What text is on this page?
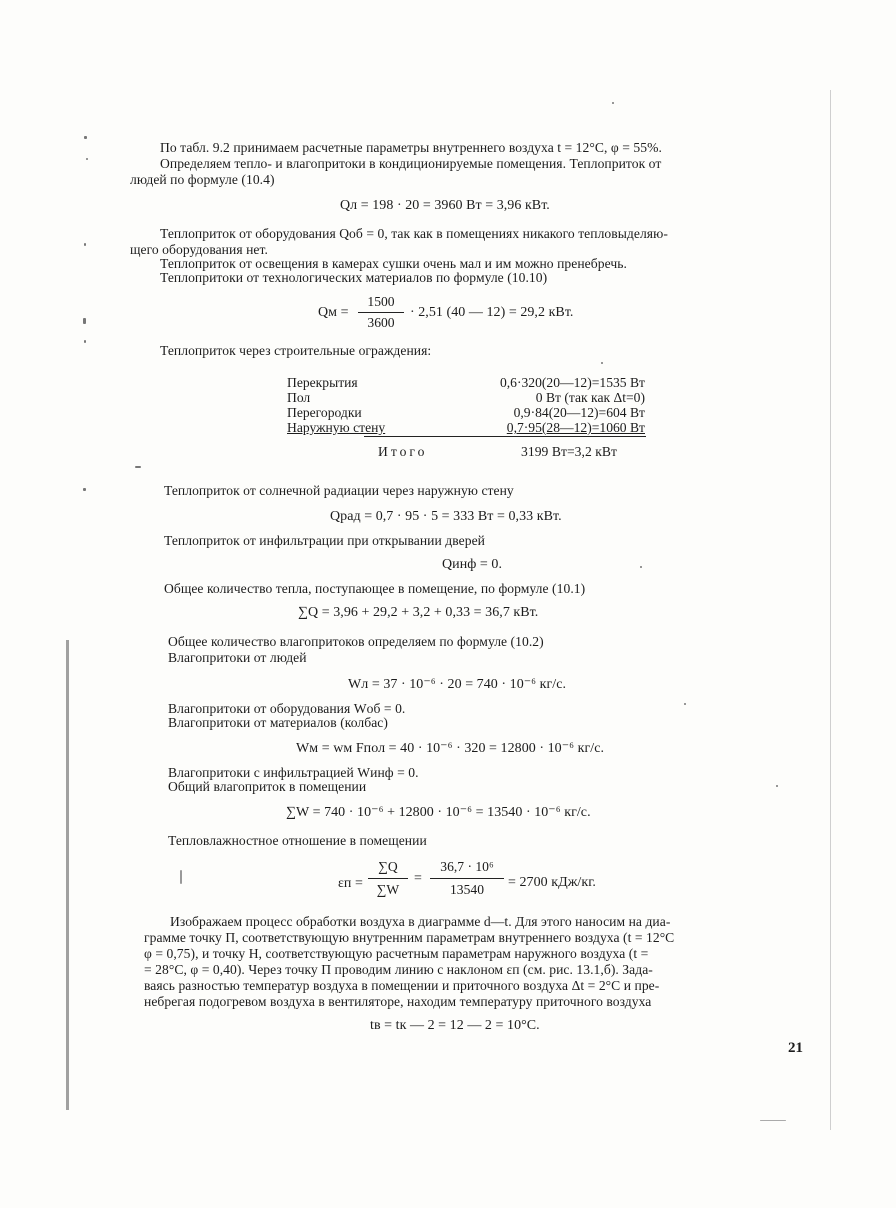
По табл. 9.2 принимаем расчетные параметры внутреннего воздуха t = 12°C, φ = 55%.
Определяем тепло- и влагопритоки в кондиционируемые помещения. Теплоприток от
людей по формуле (10.4)
Qл = 198 · 20 = 3960 Вт = 3,96 кВт.
Теплоприток от оборудования Qоб = 0, так как в помещениях никакого тепловыделяю-
щего оборудования нет.
Теплоприток от освещения в камерах сушки очень мал и им можно пренебречь.
Теплопритоки от технологических материалов по формуле (10.10)
Qм =
1500
3600
· 2,51 (40 — 12) = 29,2 кВт.
Теплоприток через строительные ограждения:
Перекрытия	0,6·320(20—12)=1535 Вт
Пол	0 Вт (так как Δt=0)
Перегородки	0,9·84(20—12)=604 Вт
Наружную стену	0,7·95(28—12)=1060 Вт
Итого	3199 Вт=3,2 кВт
Теплоприток от солнечной радиации через наружную стену
Qрад = 0,7 · 95 · 5 = 333 Вт = 0,33 кВт.
Теплоприток от инфильтрации при открывании дверей
Qинф = 0.
Общее количество тепла, поступающее в помещение, по формуле (10.1)
∑Q = 3,96 + 29,2 + 3,2 + 0,33 = 36,7 кВт.
Общее количество влагопритоков определяем по формуле (10.2)
Влагопритоки от людей
Wл = 37 · 10⁻⁶ · 20 = 740 · 10⁻⁶ кг/с.
Влагопритоки от оборудования Wоб = 0.
Влагопритоки от материалов (колбас)
Wм = wм Fпол = 40 · 10⁻⁶ · 320 = 12800 · 10⁻⁶ кг/с.
Влагопритоки с инфильтрацией Wинф = 0.
Общий влагоприток в помещении
∑W = 740 · 10⁻⁶ + 12800 · 10⁻⁶ = 13540 · 10⁻⁶ кг/с.
Тепловлажностное отношение в помещении
εп =
∑Q
∑W
=
36,7 · 10⁶
13540	= 2700 кДж/кг.
Изображаем процесс обработки воздуха в диаграмме d—t. Для этого наносим на диа-
грамме точку П, соответствующую внутренним параметрам внутреннего воздуха (t = 12°C
φ = 0,75), и точку Н, соответствующую расчетным параметрам наружного воздуха (t =
= 28°C, φ = 0,40). Через точку П проводим линию с наклоном εп (см. рис. 13.1,б). Зада-
ваясь разностью температур воздуха в помещении и приточного воздуха Δt = 2°C и пре-
небрегая подогревом воздуха в вентиляторе, находим температуру приточного воздуха
tв = tк — 2 = 12 — 2 = 10°C.
21
